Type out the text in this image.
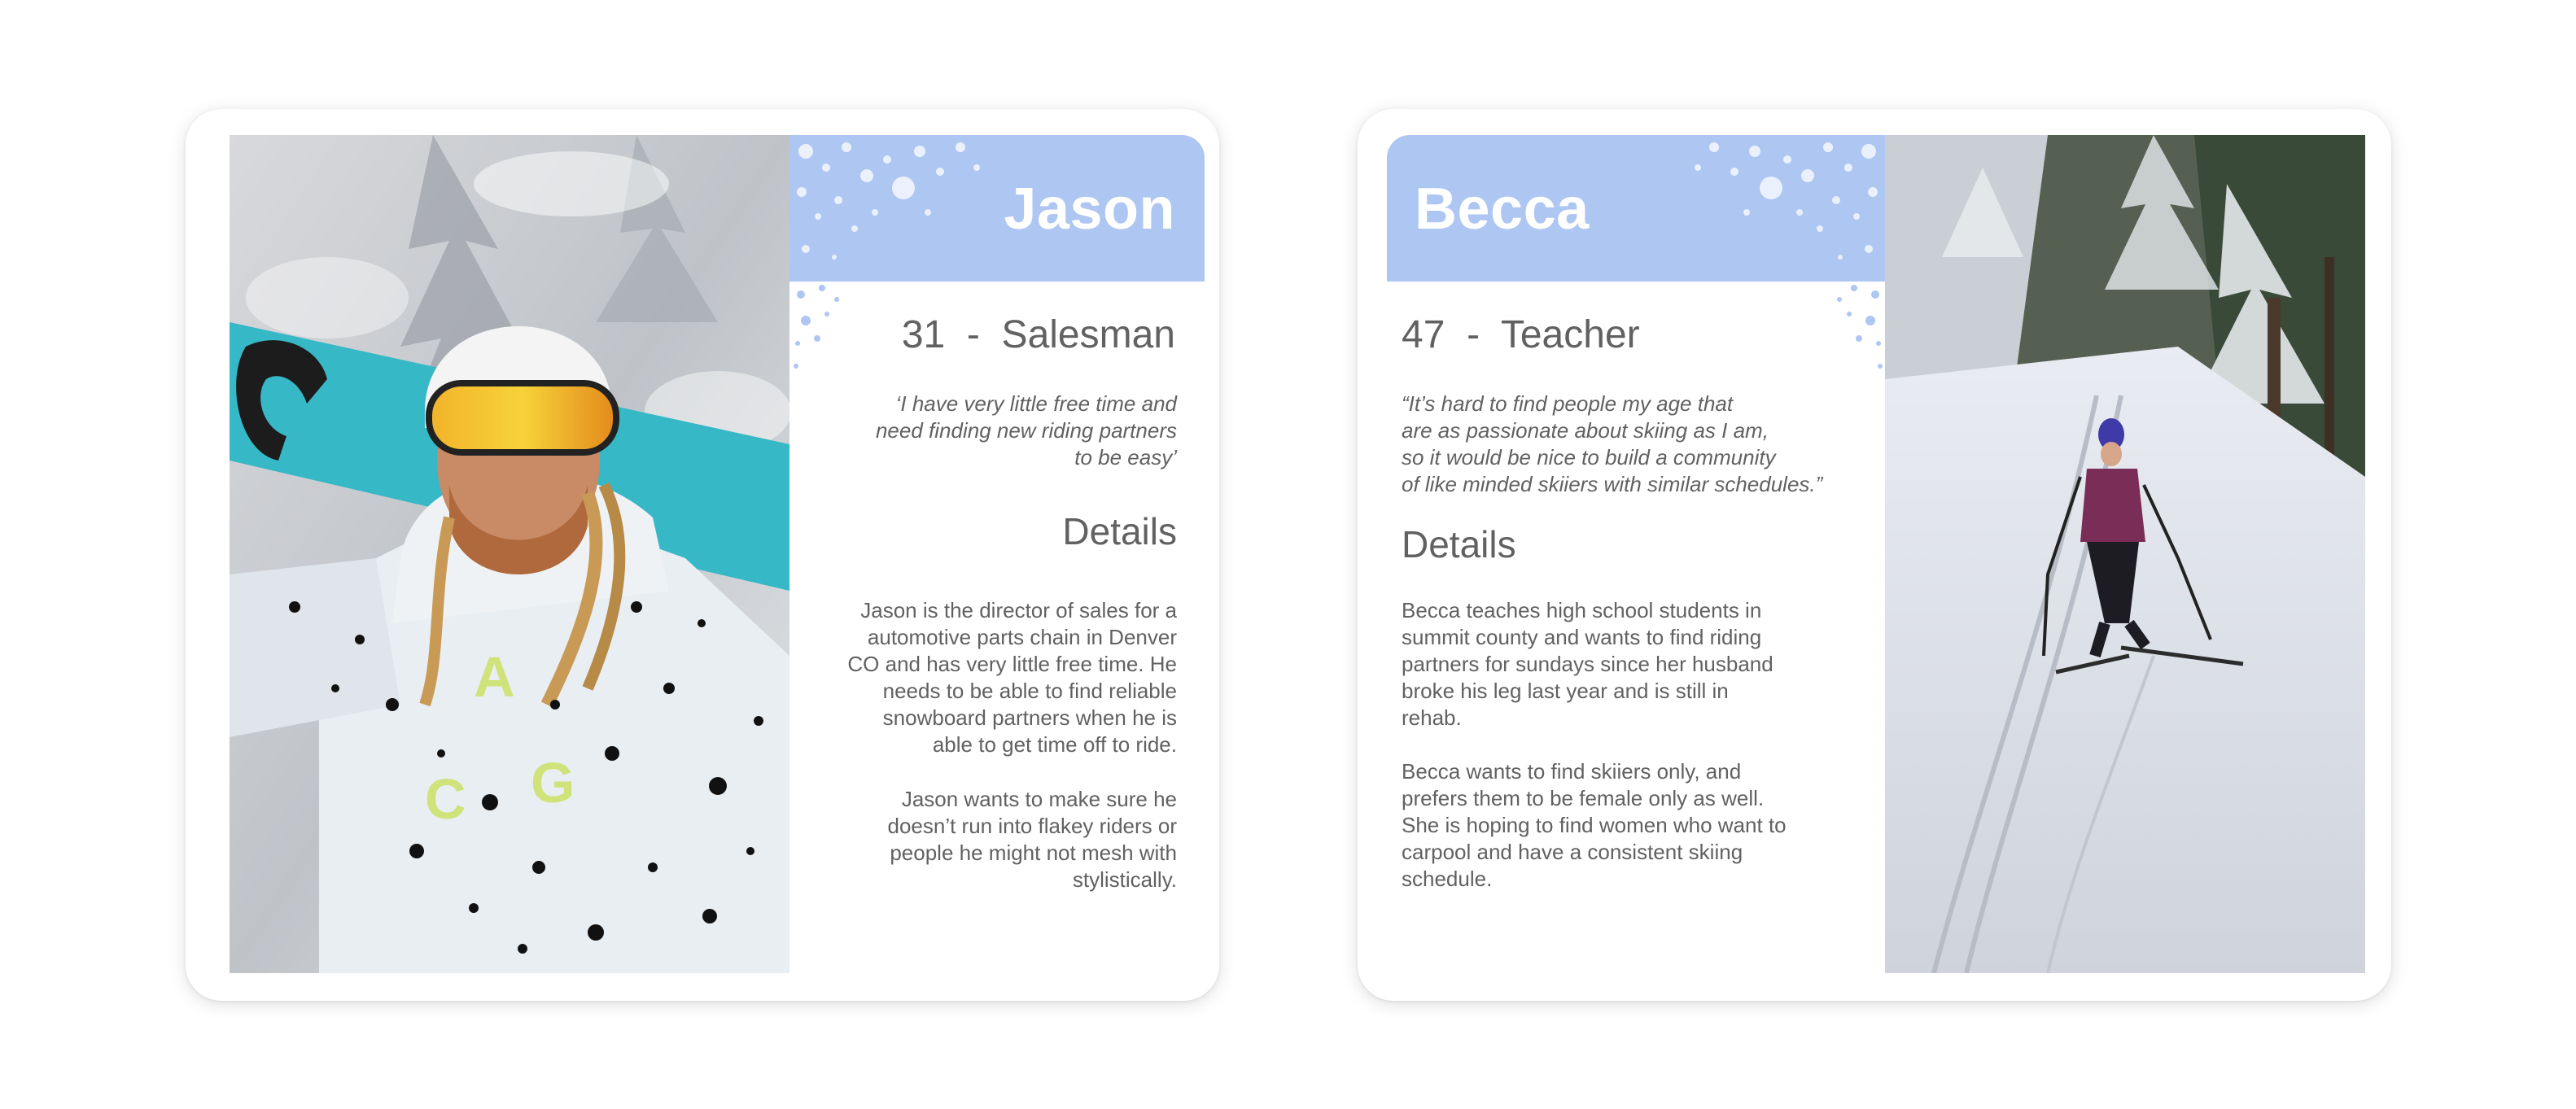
A
C G
Jason
31 - Salesman
‘I have very little free time and
need finding new riding partners
to be easy’
Details
Jason is the director of sales for a
automotive parts chain in Denver
CO and has very little free time. He
needs to be able to find reliable
snowboard partners when he is
able to get time off to ride.
Jason wants to make sure he
doesn’t run into flakey riders or
people he might not mesh with
stylistically.
Becca
47 - Teacher
“It’s hard to find people my age that
are as passionate about skiing as I am,
so it would be nice to build a community
of like minded skiiers with similar schedules.”
Details
Becca teaches high school students in
summit county and wants to find riding
partners for sundays since her husband
broke his leg last year and is still in
rehab.
Becca wants to find skiiers only, and
prefers them to be female only as well.
She is hoping to find women who want to
carpool and have a consistent skiing
schedule.
